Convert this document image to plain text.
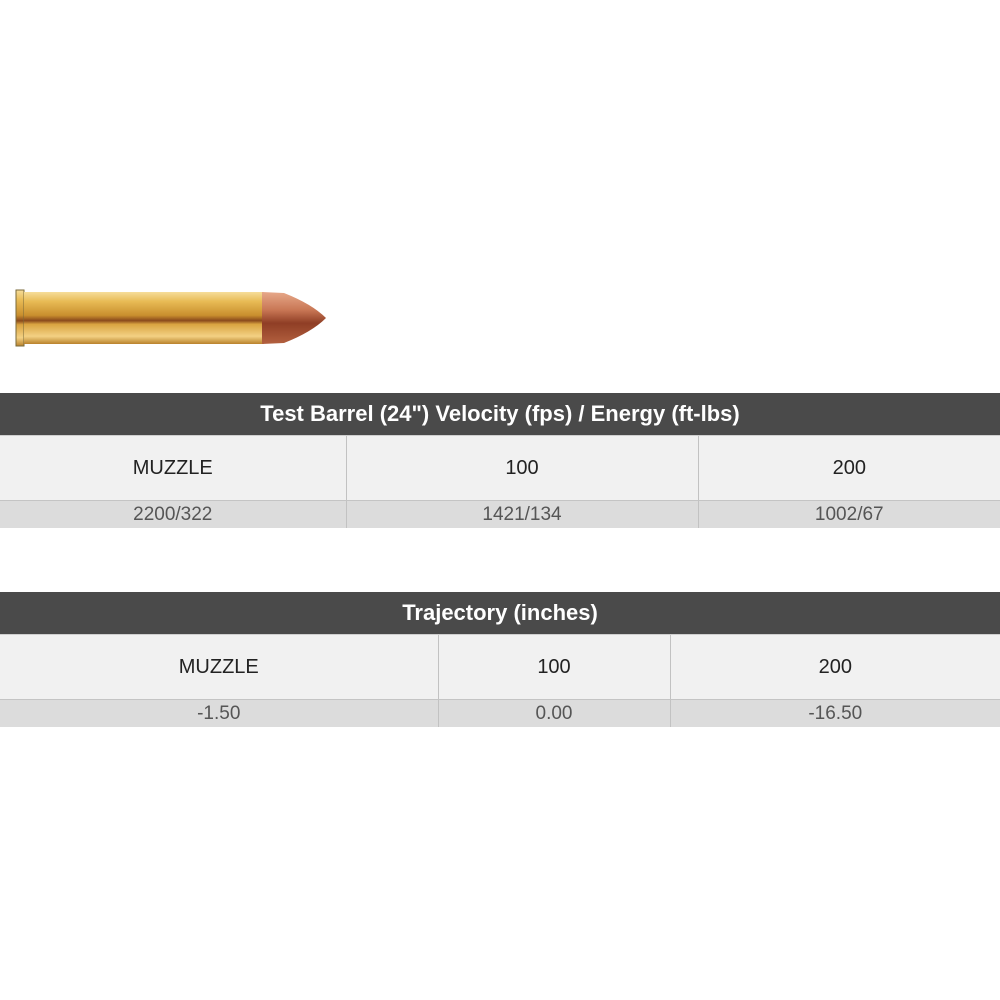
Test Barrel (24") Velocity (fps) / Energy (ft-lbs)		
MUZZLE	100	200
2200/322	1421/134	1002/67
Trajectory (inches)		
MUZZLE	100	200
-1.50	0.00	-16.50
